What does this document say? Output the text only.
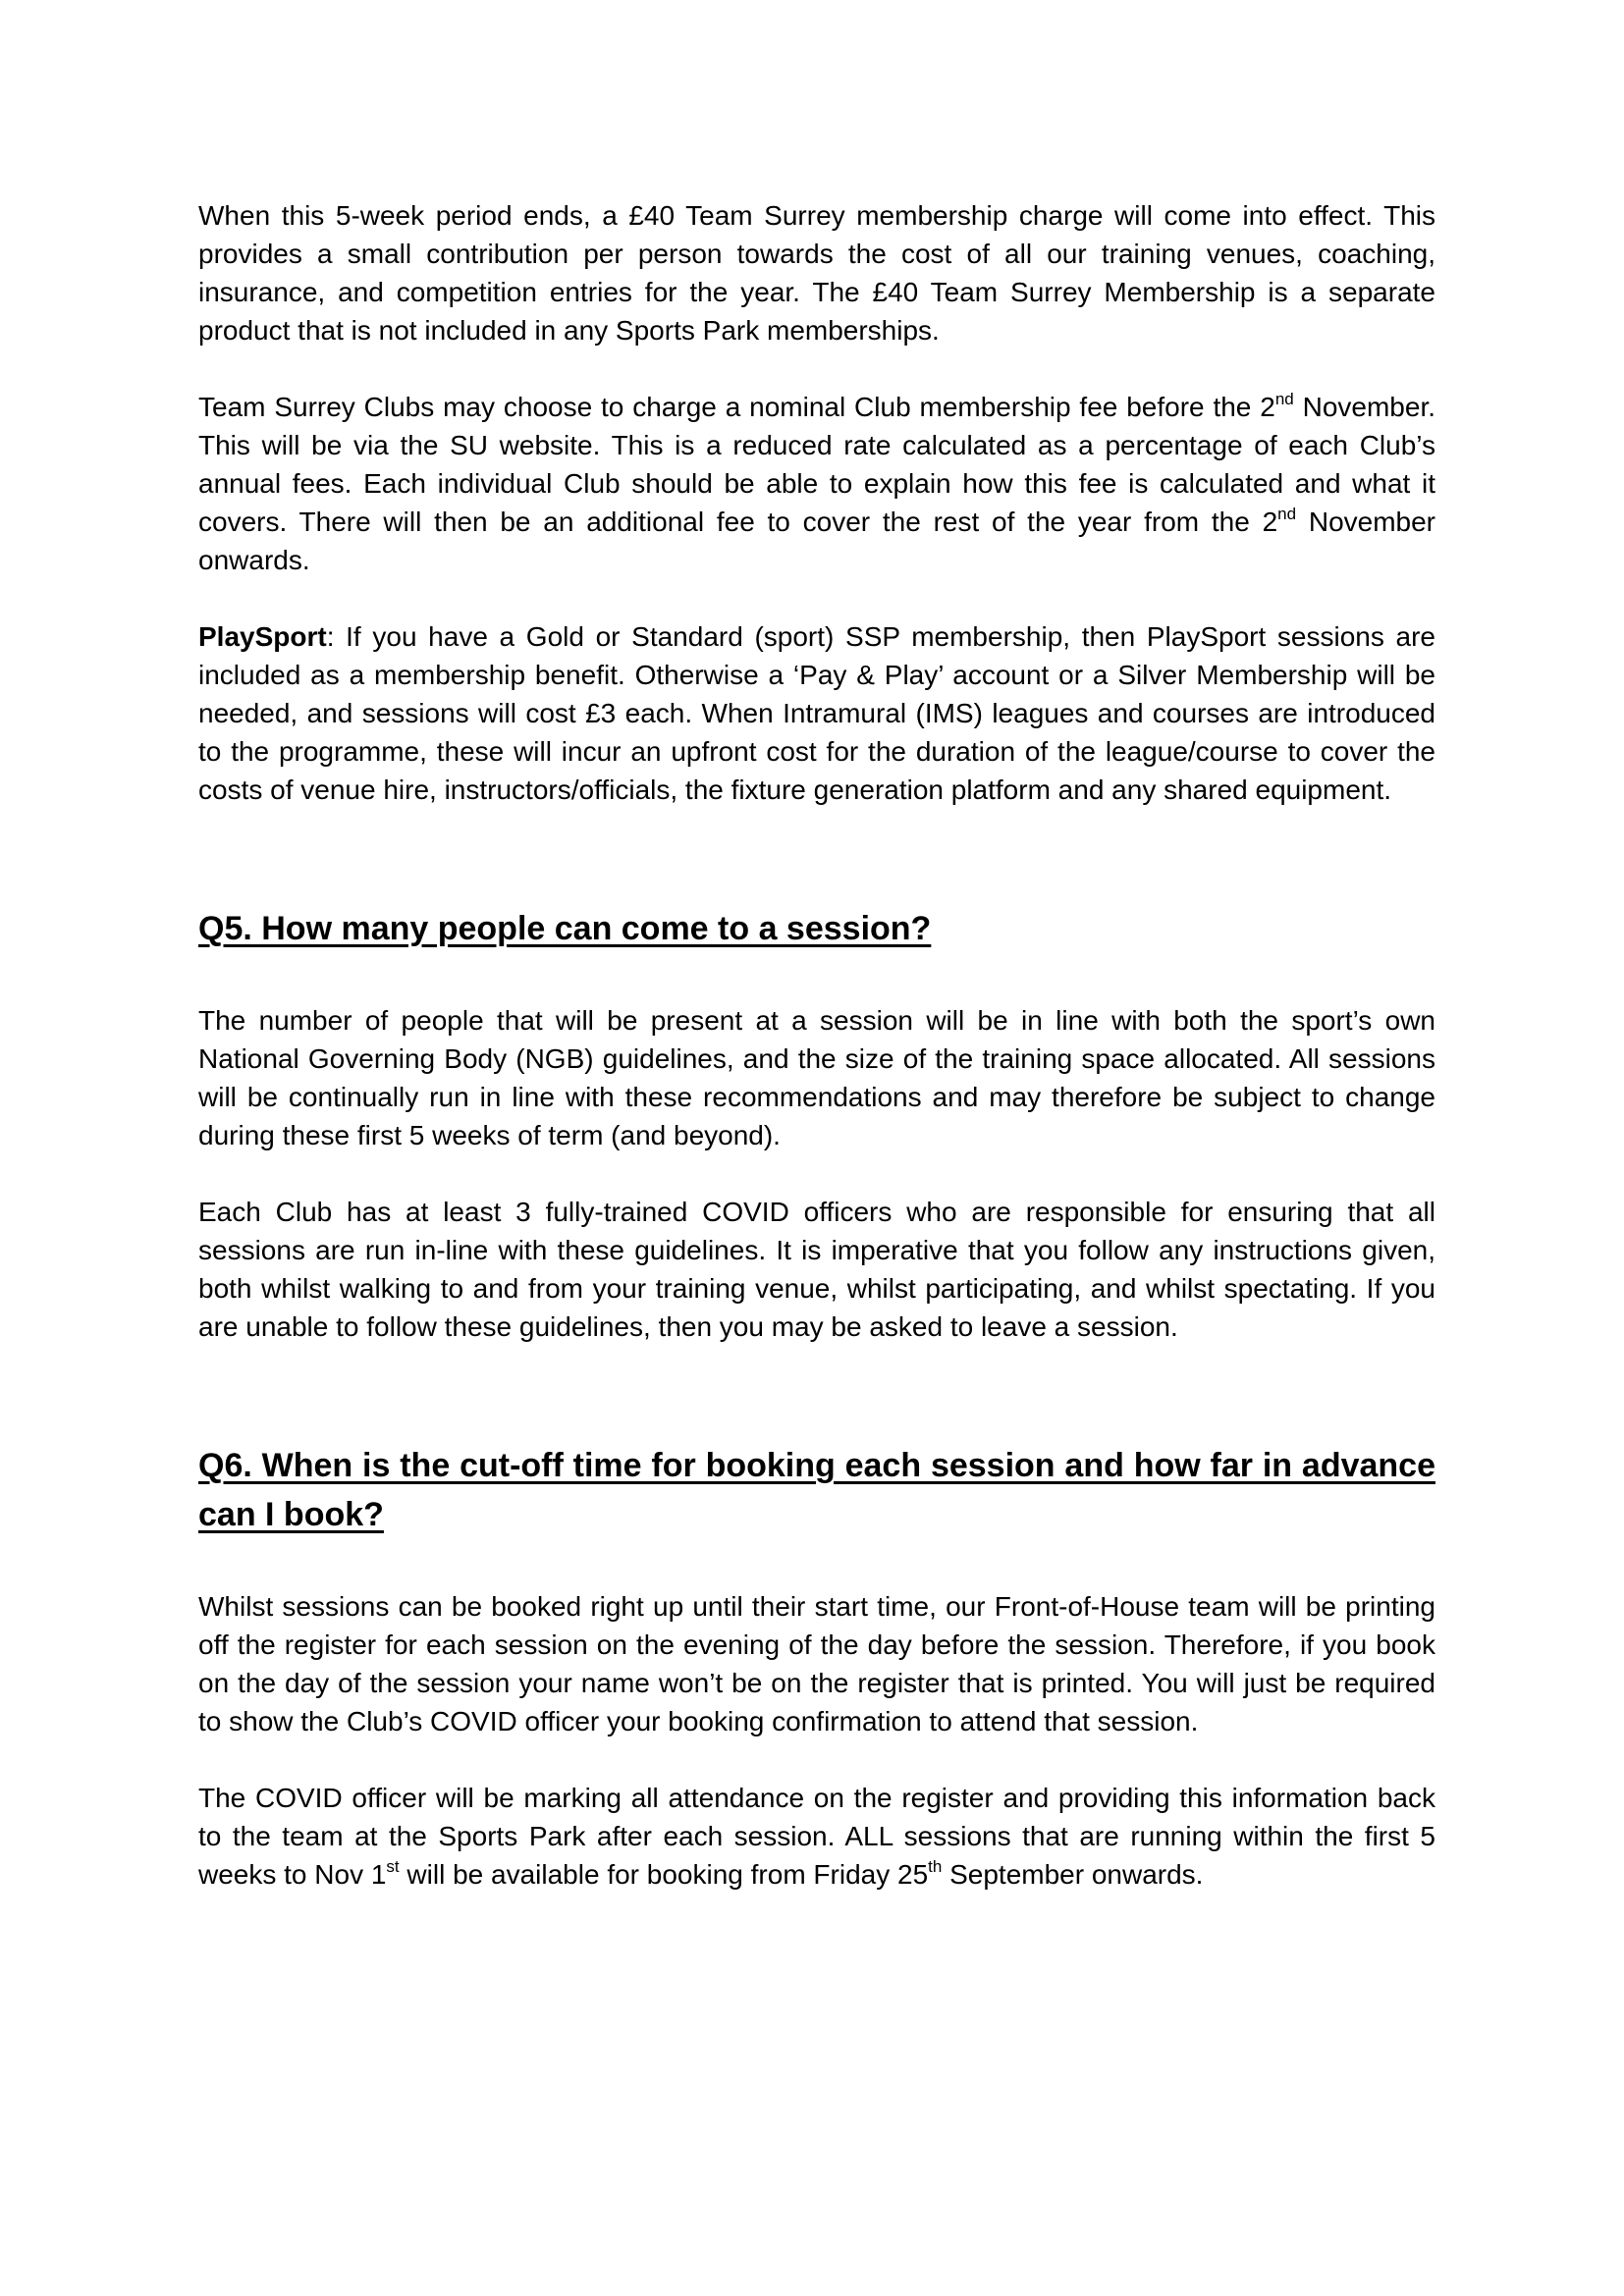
When this 5-week period ends, a £40 Team Surrey membership charge will come into effect. This provides a small contribution per person towards the cost of all our training venues, coaching, insurance, and competition entries for the year. The £40 Team Surrey Membership is a separate product that is not included in any Sports Park memberships.

Team Surrey Clubs may choose to charge a nominal Club membership fee before the 2nd November. This will be via the SU website. This is a reduced rate calculated as a percentage of each Club’s annual fees. Each individual Club should be able to explain how this fee is calculated and what it covers. There will then be an additional fee to cover the rest of the year from the 2nd November onwards.

PlaySport: If you have a Gold or Standard (sport) SSP membership, then PlaySport sessions are included as a membership benefit. Otherwise a ‘Pay & Play’ account or a Silver Membership will be needed, and sessions will cost £3 each. When Intramural (IMS) leagues and courses are introduced to the programme, these will incur an upfront cost for the duration of the league/course to cover the costs of venue hire, instructors/officials, the fixture generation platform and any shared equipment.

Q5. How many people can come to a session?

The number of people that will be present at a session will be in line with both the sport’s own National Governing Body (NGB) guidelines, and the size of the training space allocated. All sessions will be continually run in line with these recommendations and may therefore be subject to change during these first 5 weeks of term (and beyond).

Each Club has at least 3 fully-trained COVID officers who are responsible for ensuring that all sessions are run in-line with these guidelines. It is imperative that you follow any instructions given, both whilst walking to and from your training venue, whilst participating, and whilst spectating. If you are unable to follow these guidelines, then you may be asked to leave a session.

Q6. When is the cut-off time for booking each session and how far in advance can I book?

Whilst sessions can be booked right up until their start time, our Front-of-House team will be printing off the register for each session on the evening of the day before the session. Therefore, if you book on the day of the session your name won’t be on the register that is printed. You will just be required to show the Club’s COVID officer your booking confirmation to attend that session.

The COVID officer will be marking all attendance on the register and providing this information back to the team at the Sports Park after each session. ALL sessions that are running within the first 5 weeks to Nov 1st will be available for booking from Friday 25th September onwards.
